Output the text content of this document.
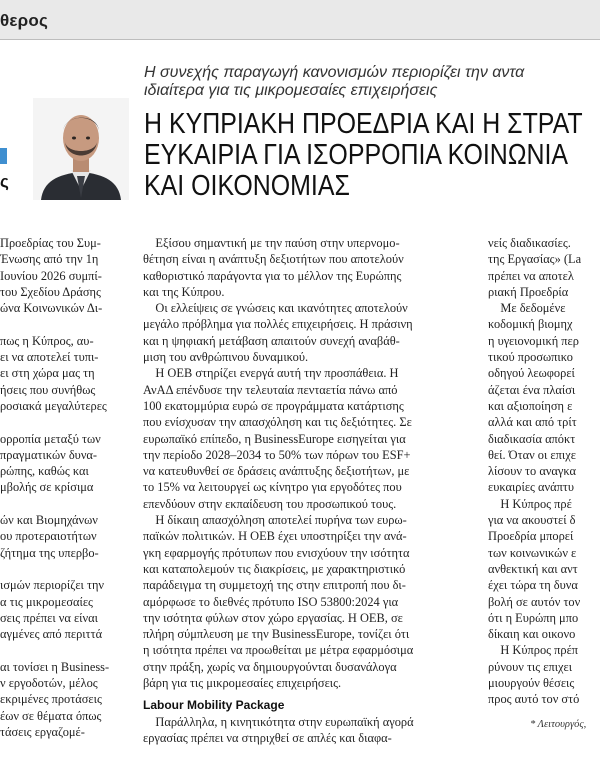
θερος
ς
Η συνεχής παραγωγή κανονισμών περιορίζει την αντα
ιδιαίτερα για τις μικρομεσαίες επιχειρήσεις
Η ΚΥΠΡΙΑΚΗ ΠΡΟΕΔΡΙΑ ΚΑΙ Η ΣΤΡΑΤ
ΕΥΚΑΙΡΙΑ ΓΙΑ ΙΣΟΡΡΟΠΙΑ ΚΟΙΝΩΝΙΑ
ΚΑΙ ΟΙΚΟΝΟΜΙΑΣ
Προεδρίας του Συμ-
Ένωσης από την 1η
Ιουνίου 2026 συμπί-
του Σχεδίου Δράσης
ώνα Κοινωνικών Δι-
πως η Κύπρος, αυ-
ει να αποτελεί τυπι-
ει στη χώρα μας τη
ήσεις που συνήθως
ροσιακά μεγαλύτερες
ορροπία μεταξύ των
πραγματικών δυνα-
ρώπης, καθώς και
μβολής σε κρίσιμα
ών και Βιομηχάνων
ου προτεραιοτήτων
ζήτημα της υπερβο-
ισμών περιορίζει την
α τις μικρομεσαίες
σεις πρέπει να είναι
αγμένες από περιττά
αι τονίσει η Business-
ν εργοδοτών, μέλος
εκριμένες προτάσεις
έων σε θέματα όπως
τάσεις εργαζομέ-
 Εξίσου σημαντική με την παύση στην υπερνομο-
θέτηση είναι η ανάπτυξη δεξιοτήτων που αποτελούν
καθοριστικό παράγοντα για το μέλλον της Ευρώπης
και της Κύπρου.
 Οι ελλείψεις σε γνώσεις και ικανότητες αποτελούν
μεγάλο πρόβλημα για πολλές επιχειρήσεις. Η πράσινη
και η ψηφιακή μετάβαση απαιτούν συνεχή αναβάθ-
μιση του ανθρώπινου δυναμικού.
 Η ΟΕΒ στηρίζει ενεργά αυτή την προσπάθεια. Η
ΑνΑΔ επένδυσε την τελευταία πενταετία πάνω από
100 εκατομμύρια ευρώ σε προγράμματα κατάρτισης
που ενίσχυσαν την απασχόληση και τις δεξιότητες. Σε
ευρωπαϊκό επίπεδο, η BusinessEurope εισηγείται για
την περίοδο 2028–2034 το 50% των πόρων του ESF+
να κατευθυνθεί σε δράσεις ανάπτυξης δεξιοτήτων, με
το 15% να λειτουργεί ως κίνητρο για εργοδότες που
επενδύουν στην εκπαίδευση του προσωπικού τους.
 Η δίκαιη απασχόληση αποτελεί πυρήνα των ευρω-
παϊκών πολιτικών. Η ΟΕΒ έχει υποστηρίξει την ανά-
γκη εφαρμογής πρότυπων που ενισχύουν την ισότητα
και καταπολεμούν τις διακρίσεις, με χαρακτηριστικό
παράδειγμα τη συμμετοχή της στην επιτροπή που δι-
αμόρφωσε το διεθνές πρότυπο ISO 53800:2024 για
την ισότητα φύλων στον χώρο εργασίας. Η ΟΕΒ, σε
πλήρη σύμπλευση με την BusinessEurope, τονίζει ότι
η ισότητα πρέπει να προωθείται με μέτρα εφαρμόσιμα
στην πράξη, χωρίς να δημιουργούνται δυσανάλογα
βάρη για τις μικρομεσαίες επιχειρήσεις.
Labour Mobility Package
 Παράλληλα, η κινητικότητα στην ευρωπαϊκή αγορά
εργασίας πρέπει να στηριχθεί σε απλές και διαφα-
νείς διαδικασίες.
της Εργασίας» (La
πρέπει να αποτελ
ριακή Προεδρία
 Με δεδομένε
κοδομική βιομηχ
η υγειονομική περ
τικού προσωπικο
οδηγού λεωφορεί
άζεται ένα πλαίσι
και αξιοποίηση ε
αλλά και από τρίτ
διαδικασία απόκτ
θεί. Όταν οι επιχε
λίσουν το αναγκα
ευκαιρίες ανάπτυ
 Η Κύπρος πρέ
για να ακουστεί δ
Προεδρία μπορεί
των κοινωνικών ε
ανθεκτική και αντ
έχει τώρα τη δυνα
βολή σε αυτόν τον
ότι η Ευρώπη μπο
δίκαιη και οικονο
 Η Κύπρος πρέπ
ρύνουν τις επιχει
μιουργούν θέσεις
προς αυτό τον στό
* Λειτουργός,
